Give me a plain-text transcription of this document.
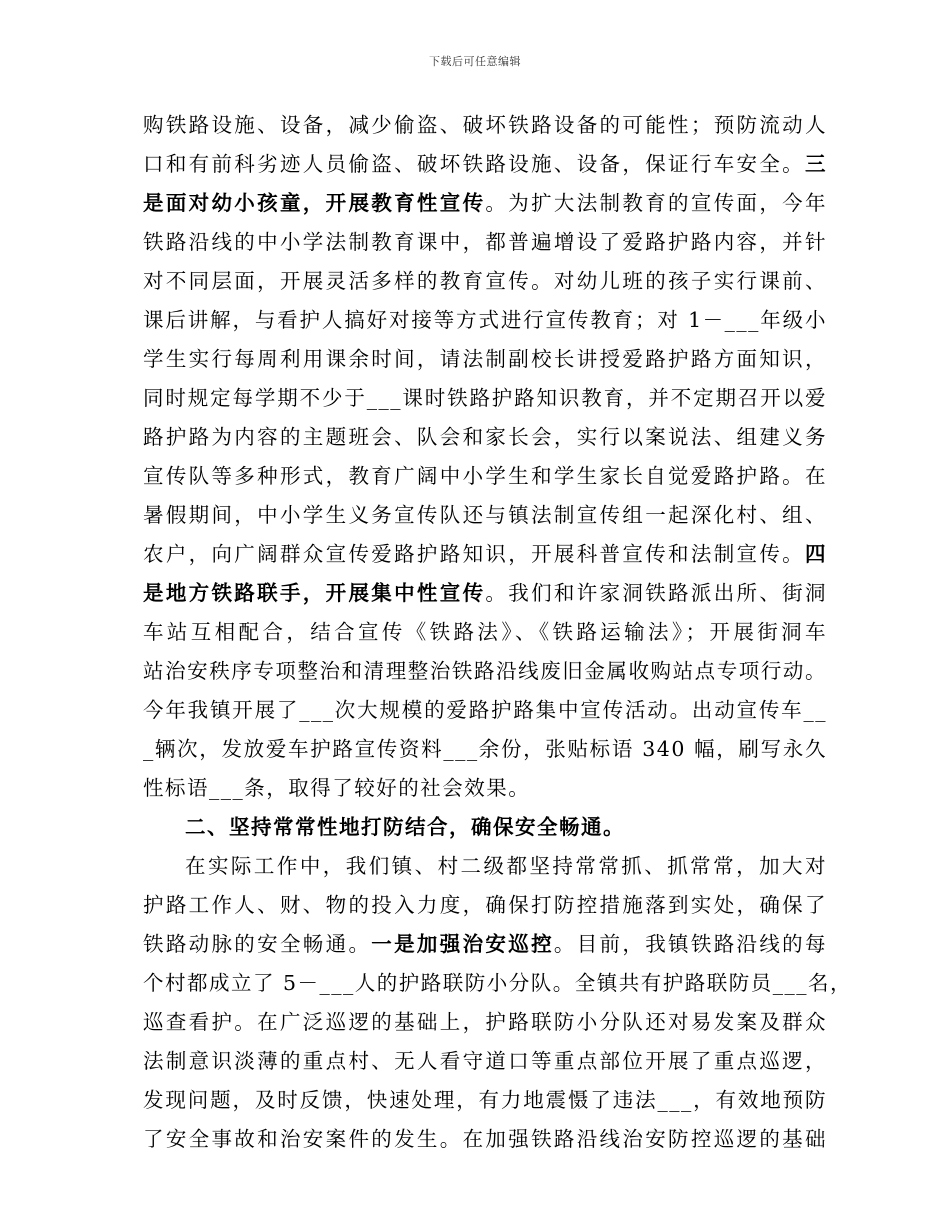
下载后可任意编辑
购铁路设施、设备，减少偷盗、破坏铁路设备的可能性；预防流动人
口和有前科劣迹人员偷盗、破坏铁路设施、设备，保证行车安全。三
是面对幼小孩童，开展教育性宣传。为扩大法制教育的宣传面，今年
铁路沿线的中小学法制教育课中，都普遍增设了爱路护路内容，并针
对不同层面，开展灵活多样的教育宣传。对幼儿班的孩子实行课前、
课后讲解，与看护人搞好对接等方式进行宣传教育；对 1－___年级小
学生实行每周利用课余时间，请法制副校长讲授爱路护路方面知识，
同时规定每学期不少于___课时铁路护路知识教育，并不定期召开以爱
路护路为内容的主题班会、队会和家长会，实行以案说法、组建义务
宣传队等多种形式，教育广阔中小学生和学生家长自觉爱路护路。在
暑假期间，中小学生义务宣传队还与镇法制宣传组一起深化村、组、
农户，向广阔群众宣传爱路护路知识，开展科普宣传和法制宣传。四
是地方铁路联手，开展集中性宣传。我们和许家洞铁路派出所、街洞
车站互相配合，结合宣传《铁路法》、《铁路运输法》；开展街洞车
站治安秩序专项整治和清理整治铁路沿线废旧金属收购站点专项行动。
今年我镇开展了___次大规模的爱路护路集中宣传活动。出动宣传车__
_辆次，发放爱车护路宣传资料___余份，张贴标语 340 幅，刷写永久
性标语___条，取得了较好的社会效果。
二、坚持常常性地打防结合，确保安全畅通。
在实际工作中，我们镇、村二级都坚持常常抓、抓常常，加大对
护路工作人、财、物的投入力度，确保打防控措施落到实处，确保了
铁路动脉的安全畅通。一是加强治安巡控。目前，我镇铁路沿线的每
个村都成立了 5－___人的护路联防小分队。全镇共有护路联防员___名，
巡查看护。在广泛巡逻的基础上，护路联防小分队还对易发案及群众
法制意识淡薄的重点村、无人看守道口等重点部位开展了重点巡逻，
发现问题，及时反馈，快速处理，有力地震慑了违法___，有效地预防
了安全事故和治安案件的发生。在加强铁路沿线治安防控巡逻的基础
